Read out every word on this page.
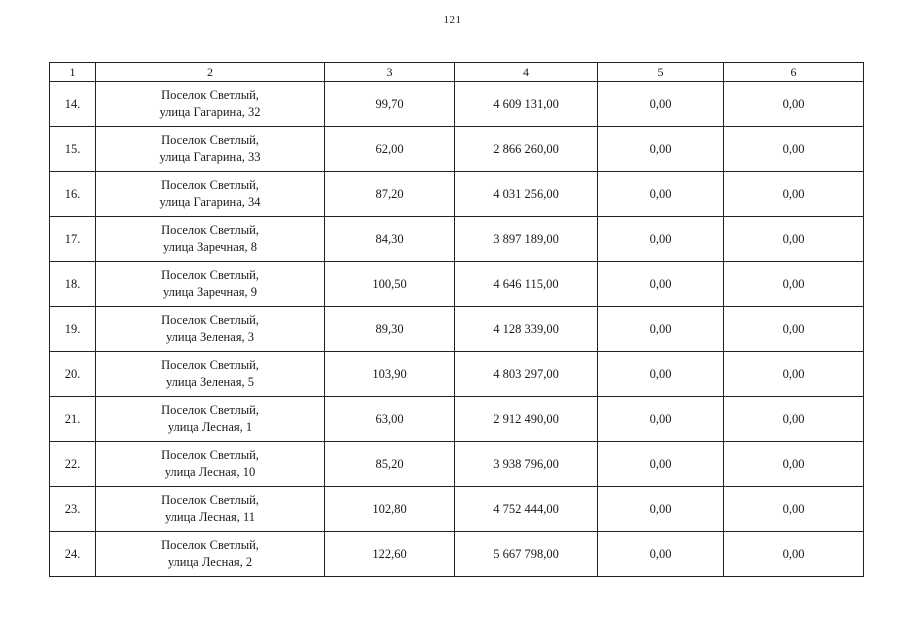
121
1	2	3	4	5	6
14.	Поселок Светлый,
улица Гагарина, 32	99,70	4 609 131,00	0,00	0,00
15.	Поселок Светлый,
улица Гагарина, 33	62,00	2 866 260,00	0,00	0,00
16.	Поселок Светлый,
улица Гагарина, 34	87,20	4 031 256,00	0,00	0,00
17.	Поселок Светлый,
улица Заречная, 8	84,30	3 897 189,00	0,00	0,00
18.	Поселок Светлый,
улица Заречная, 9	100,50	4 646 115,00	0,00	0,00
19.	Поселок Светлый,
улица Зеленая, 3	89,30	4 128 339,00	0,00	0,00
20.	Поселок Светлый,
улица Зеленая, 5	103,90	4 803 297,00	0,00	0,00
21.	Поселок Светлый,
улица Лесная, 1	63,00	2 912 490,00	0,00	0,00
22.	Поселок Светлый,
улица Лесная, 10	85,20	3 938 796,00	0,00	0,00
23.	Поселок Светлый,
улица Лесная, 11	102,80	4 752 444,00	0,00	0,00
24.	Поселок Светлый,
улица Лесная, 2	122,60	5 667 798,00	0,00	0,00
